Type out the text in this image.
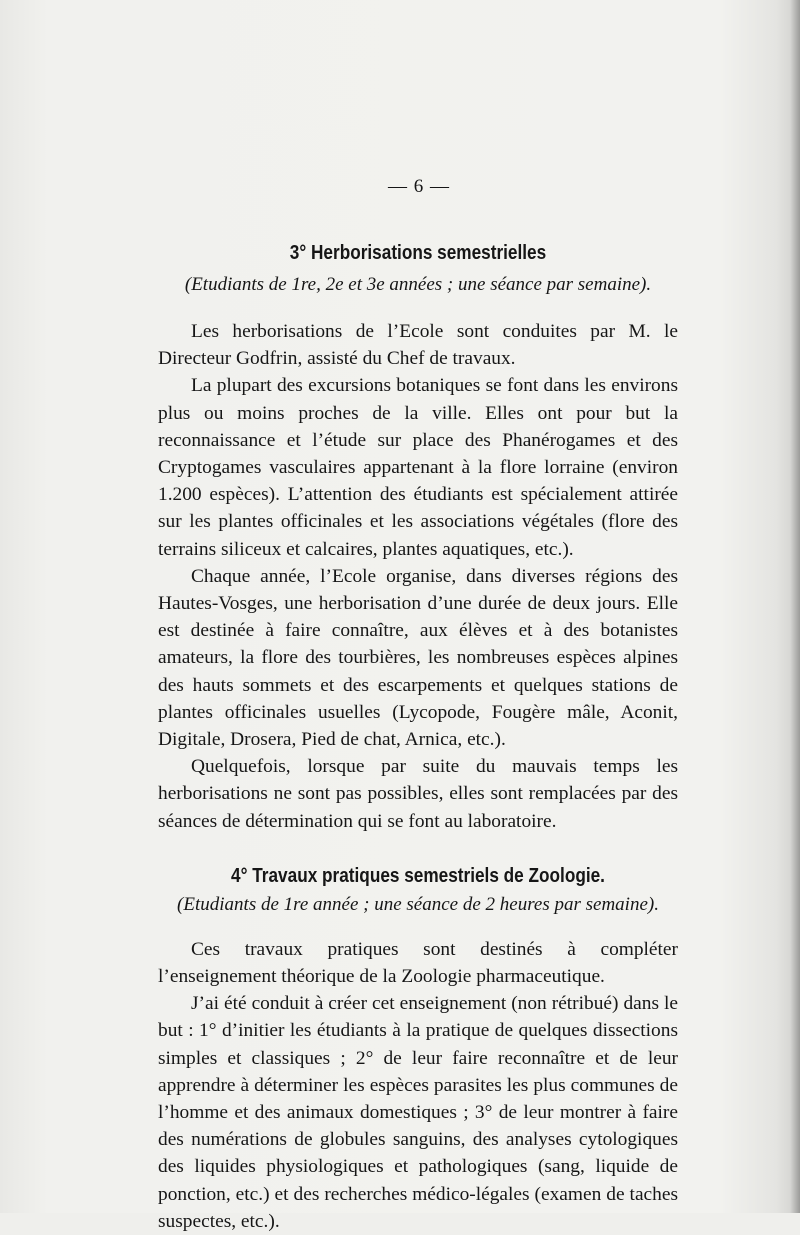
— 6 —
3° Herborisations semestrielles
(Etudiants de 1re, 2e et 3e années ; une séance par semaine).

Les herborisations de l’Ecole sont conduites par M. le Directeur Godfrin, assisté du Chef de travaux.

La plupart des excursions botaniques se font dans les environs plus ou moins proches de la ville. Elles ont pour but la reconnaissance et l’étude sur place des Phanérogames et des Cryptogames vasculaires appartenant à la flore lorraine (environ 1.200 espèces). L’attention des étudiants est spécialement attirée sur les plantes officinales et les associations végétales (flore des terrains siliceux et calcaires, plantes aquatiques, etc.).

Chaque année, l’Ecole organise, dans diverses régions des Hautes-Vosges, une herborisation d’une durée de deux jours. Elle est destinée à faire connaître, aux élèves et à des botanistes amateurs, la flore des tourbières, les nombreuses espèces alpines des hauts sommets et des escarpements et quelques stations de plantes officinales usuelles (Lycopode, Fougère mâle, Aconit, Digitale, Drosera, Pied de chat, Arnica, etc.).

Quelquefois, lorsque par suite du mauvais temps les herborisations ne sont pas possibles, elles sont remplacées par des séances de détermination qui se font au laboratoire.

4° Travaux pratiques semestriels de Zoologie.
(Etudiants de 1re année ; une séance de 2 heures par semaine).

Ces travaux pratiques sont destinés à compléter l’enseignement théorique de la Zoologie pharmaceutique.

J’ai été conduit à créer cet enseignement (non rétribué) dans le but : 1° d’initier les étudiants à la pratique de quelques dissections simples et classiques ; 2° de leur faire reconnaître et de leur apprendre à déterminer les espèces parasites les plus communes de l’homme et des animaux domestiques ; 3° de leur montrer à faire des numérations de globules sanguins, des analyses cytologiques des liquides physiologiques et pathologiques (sang, liquide de ponction, etc.) et des recherches médico-légales (examen de taches suspectes, etc.).
